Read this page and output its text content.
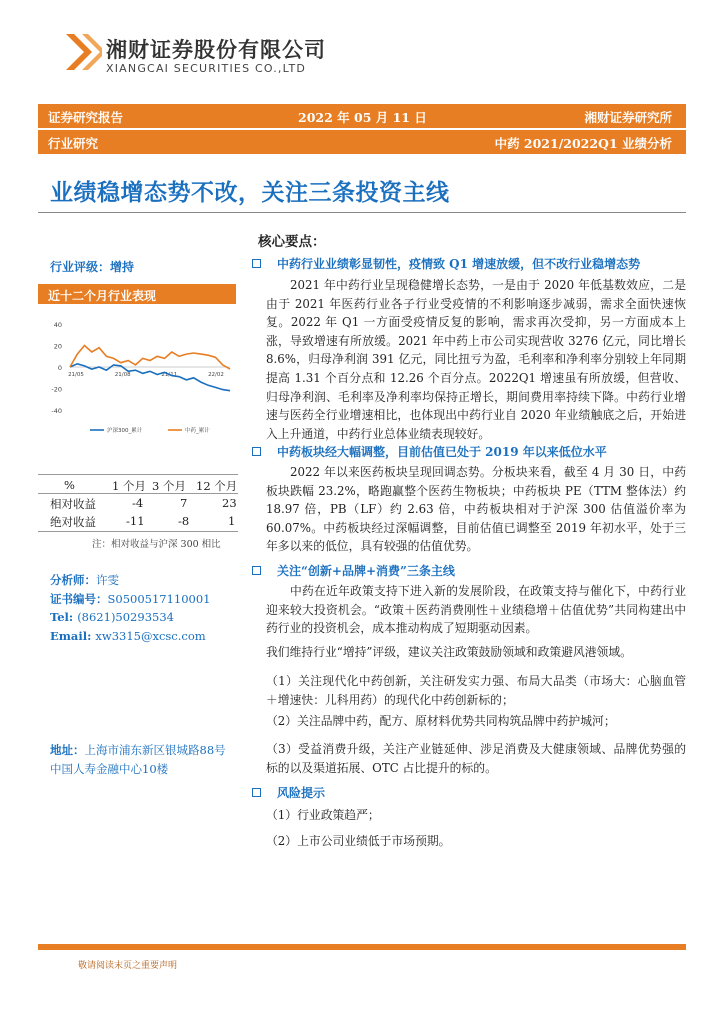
湘财证券股份有限公司
XIANGCAI SECURITIES CO.,LTD
证券研究报告	2022 年 05 月 11 日	湘财证券研究所
行业研究	中药 2021/2022Q1 业绩分析
业绩稳增态势不改，关注三条投资主线
核心要点：
行业评级：增持
近十二个月行业表现
40
20
0
-20
-40
21/05	21/08	21/11	22/02
沪深300_累计	中药_累计
%	1 个月 3 个月 12 个月
相对收益	-4	7	23
绝对收益	-11	-8	1
注：相对收益与沪深 300 相比
分析师：许雯
证书编号：S0500517110001
Tel: (8621)50293534
Email: xw3315@xcsc.com
地址：上海市浦东新区银城路88号
中国人寿金融中心10楼
中药行业业绩彰显韧性，疫情致 Q1 增速放缓，但不改行业稳增态势
2021 年中药行业呈现稳健增长态势，一是由于 2020 年低基数效应，二是由于 2021 年医药行业各子行业受疫情的不利影响逐步减弱，需求全面快速恢复。2022 年 Q1 一方面受疫情反复的影响，需求再次受抑，另一方面成本上涨，导致增速有所放缓。2021 年中药上市公司实现营收 3276 亿元，同比增长 8.6%，归母净利润 391 亿元，同比扭亏为盈，毛利率和净利率分别较上年同期提高 1.31 个百分点和 12.26 个百分点。2022Q1 增速虽有所放缓，但营收、归母净利润、毛利率及净利率均保持正增长，期间费用率持续下降。中药行业增速与医药全行业增速相比，也体现出中药行业自 2020 年业绩触底之后，开始进入上升通道，中药行业总体业绩表现较好。
中药板块经大幅调整，目前估值已处于 2019 年以来低位水平
2022 年以来医药板块呈现回调态势。分板块来看，截至 4 月 30 日，中药板块跌幅 23.2%，略跑赢整个医药生物板块；中药板块 PE（TTM 整体法）约 18.97 倍，PB（LF）约 2.63 倍，中药板块相对于沪深 300 估值溢价率为 60.07%。中药板块经过深幅调整，目前估值已调整至 2019 年初水平，处于三年多以来的低位，具有较强的估值优势。
关注“创新+品牌+消费”三条主线
中药在近年政策支持下进入新的发展阶段，在政策支持与催化下，中药行业迎来较大投资机会。“政策＋医药消费刚性＋业绩稳增＋估值优势”共同构建出中药行业的投资机会，成本推动构成了短期驱动因素。
我们维持行业“增持”评级，建议关注政策鼓励领域和政策避风港领域。
（1）关注现代化中药创新，关注研发实力强、布局大品类（市场大：心脑血管＋增速快：儿科用药）的现代化中药创新标的；
（2）关注品牌中药，配方、原材料优势共同构筑品牌中药护城河；
（3）受益消费升级，关注产业链延伸、涉足消费及大健康领域、品牌优势强的标的以及渠道拓展、OTC 占比提升的标的。
风险提示
（1）行业政策趋严；
（2）上市公司业绩低于市场预期。
敬请阅读末页之重要声明
